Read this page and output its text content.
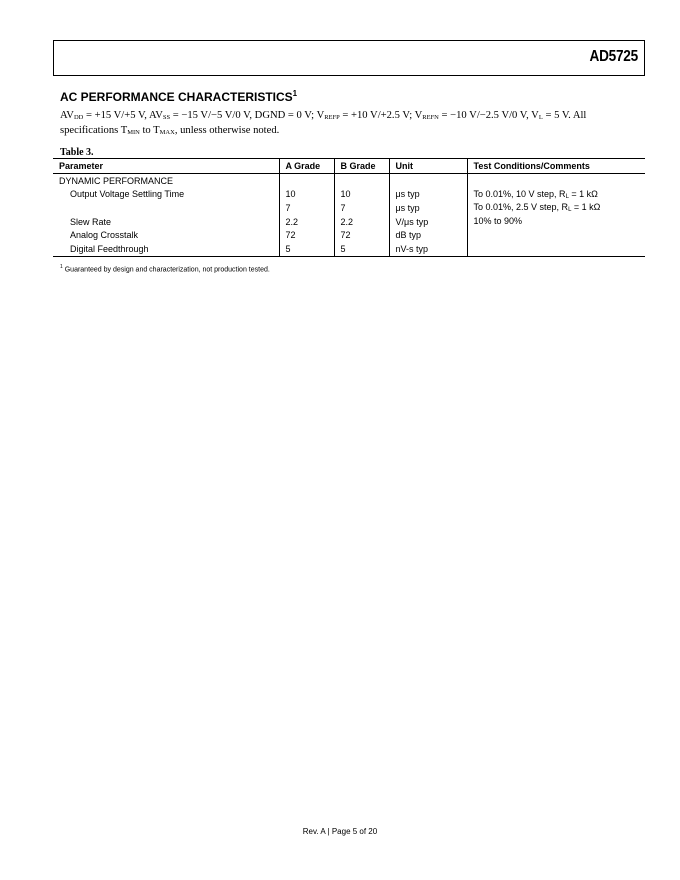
AD5725
AC PERFORMANCE CHARACTERISTICS$^1$
$AV_{DD} = +15$ V/+5 V, $AV_{SS} = -15$ V/−5 V/0 V, DGND = 0 V; $V_{REFP} = +10$ V/+2.5 V; $V_{REFN} = -10$ V/−2.5 V/0 V, $V_L = 5$ V. All specifications $T_{MIN}$ to $T_{MAX}$, unless otherwise noted.
Table 3.
Parameter	A Grade	B Grade	Unit	Test Conditions/Comments
DYNAMIC PERFORMANCE				
Output Voltage Settling Time	10	10	μs typ	To 0.01%, 10 V step, $R_L = 1$ kΩ
	7	7	μs typ	To 0.01%, 2.5 V step, $R_L = 1$ kΩ
Slew Rate	2.2	2.2	V/μs typ	10% to 90%
Analog Crosstalk	72	72	dB typ	
Digital Feedthrough	5	5	nV-s typ	
$^1$ Guaranteed by design and characterization, not production tested.
Rev. A | Page 5 of 20
